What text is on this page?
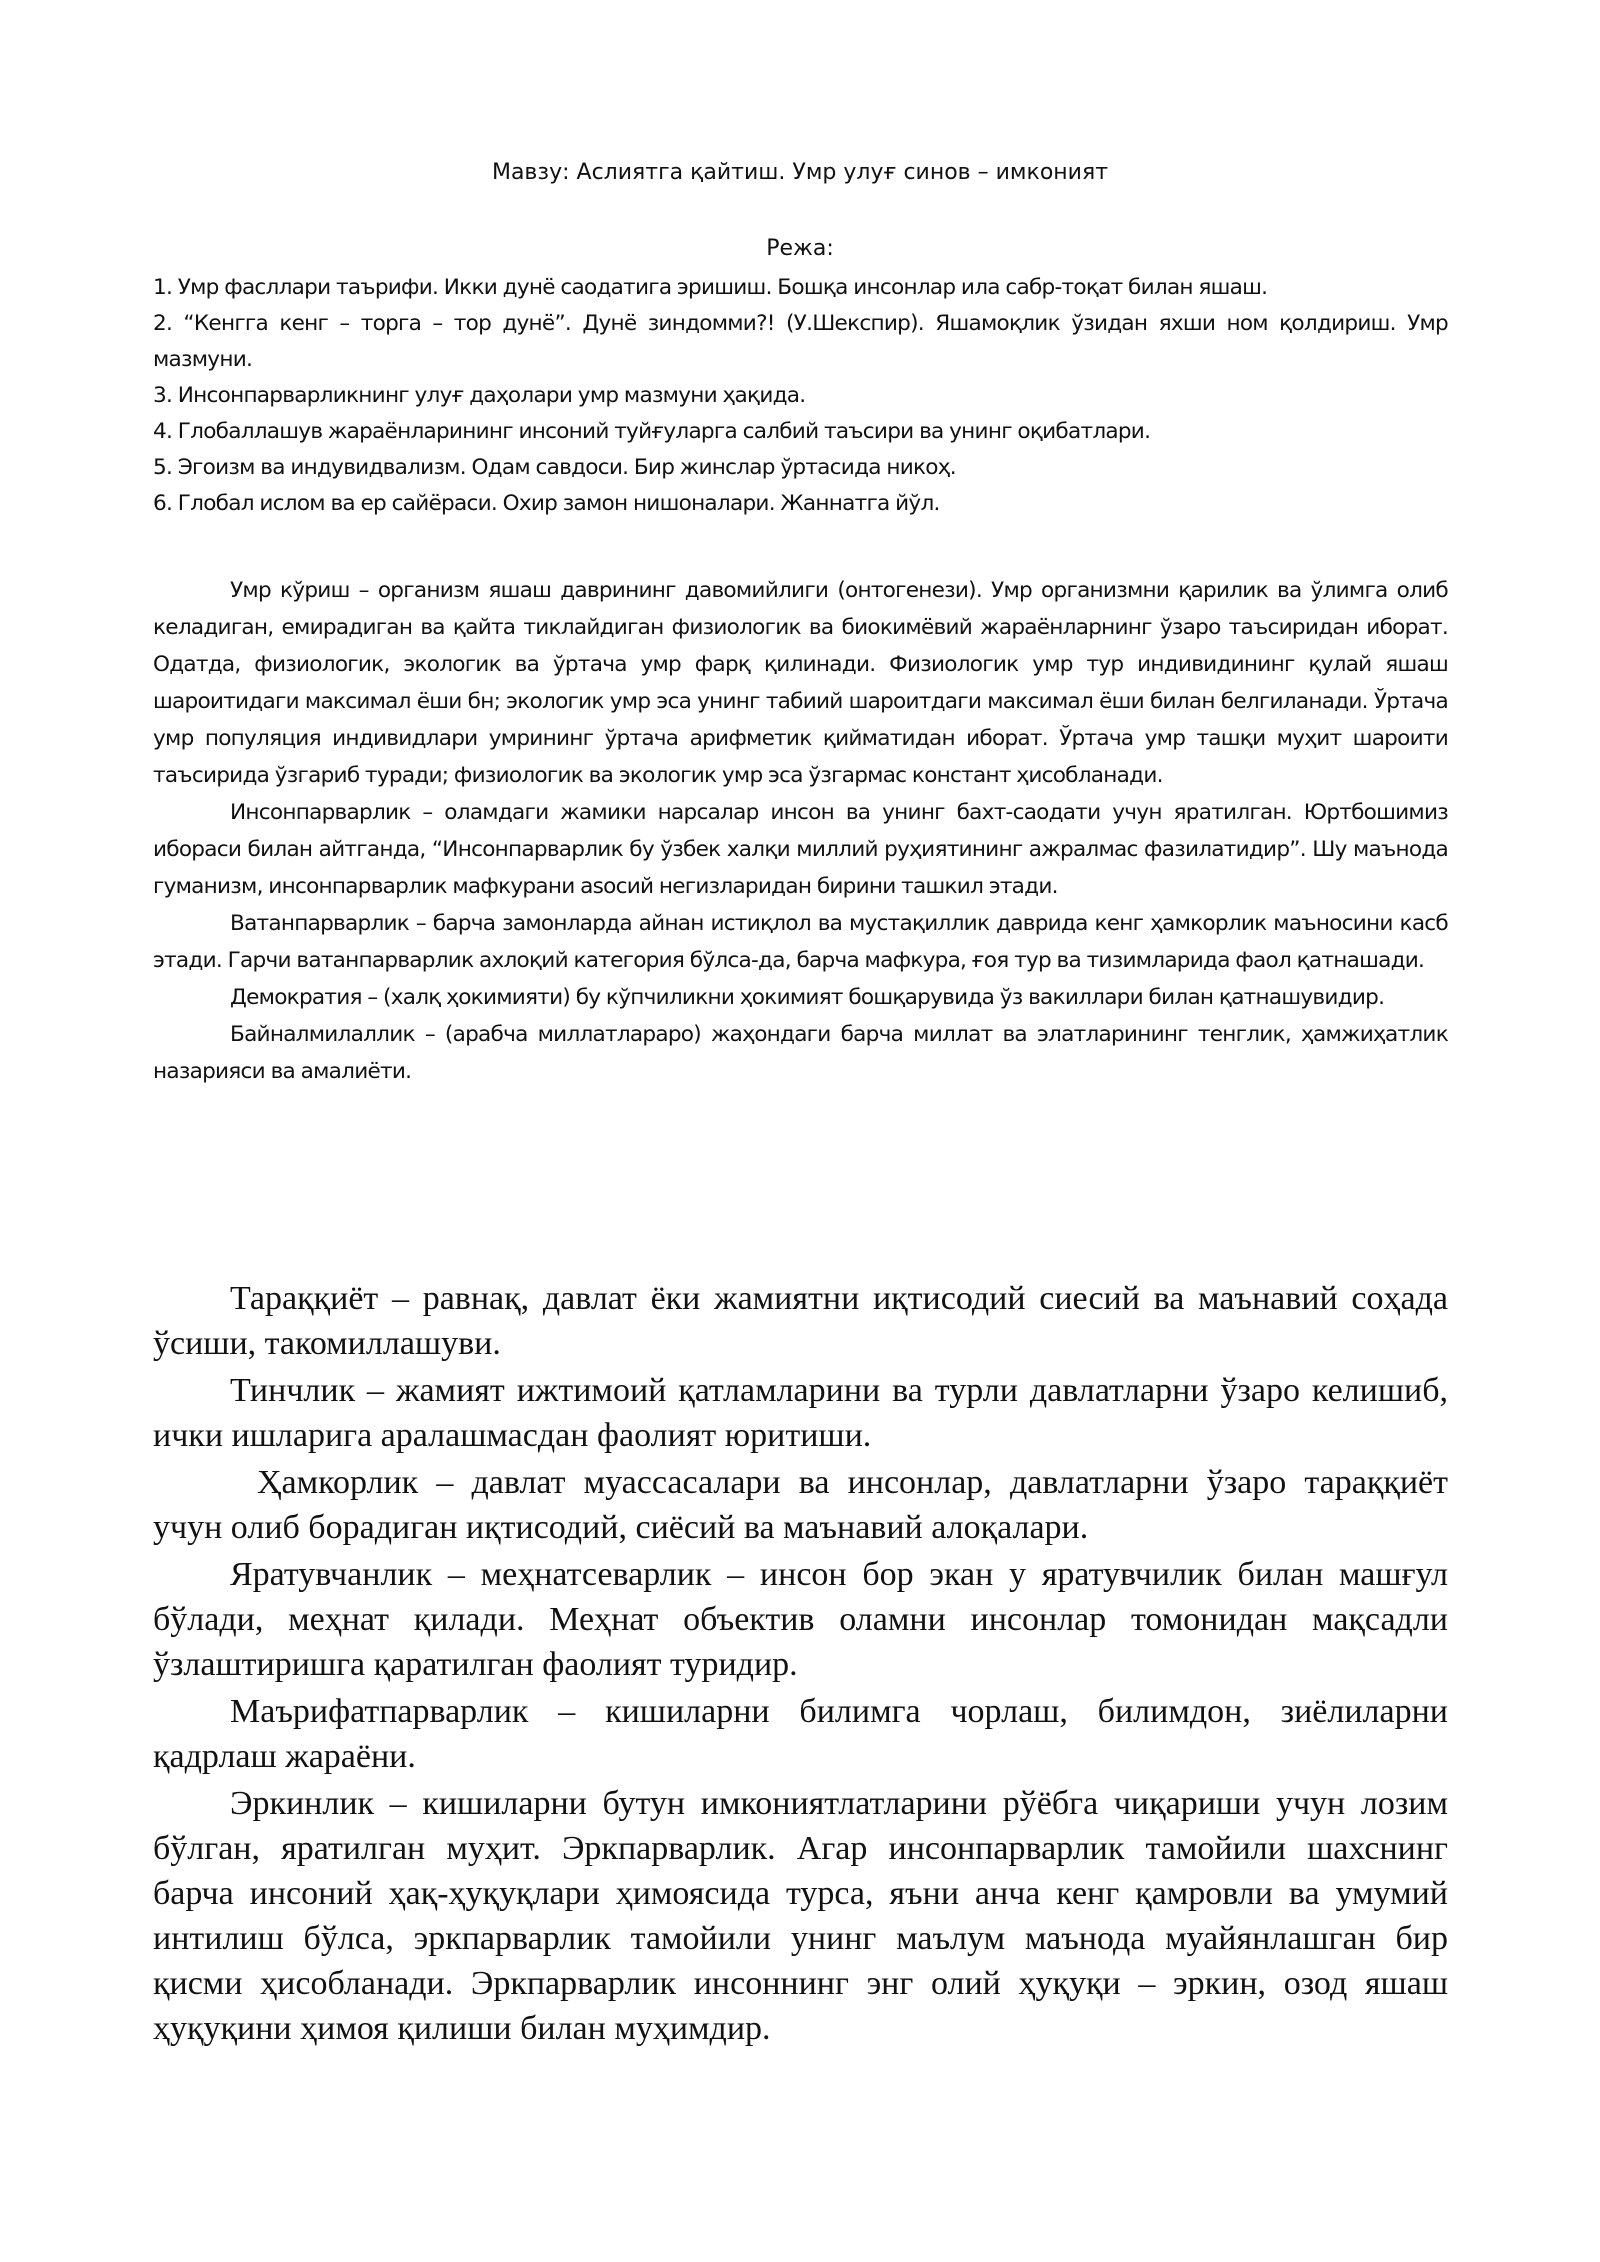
Мавзу: Аслиятга қайтиш. Умр улуғ синов – имконият
Режа:

1. Умр фасллари таърифи. Икки дунё саодатига эришиш. Бошқа инсонлар ила сабр-тоқат билан яшаш.

2. “Кенгга кенг – торга – тор дунё”. Дунё зиндомми?! (У.Шекспир). Яшамоқлик ўзидан яхши ном қолдириш. Умр мазмуни.

3. Инсонпарварликнинг улуғ даҳолари умр мазмуни ҳақида.

4. Глобаллашув жараёнларининг инсоний туйғуларга салбий таъсири ва унинг оқибатлари.

5. Эгоизм ва индувидвализм. Одам савдоси. Бир жинслар ўртасида никоҳ.

6. Глобал ислом ва ер сайёраси. Охир замон нишоналари. Жаннатга йўл.

Умр кўриш – организм яшаш даврининг давомийлиги (онтогенези). Умр организмни қарилик ва ўлимга олиб келадиган, емирадиган ва қайта тиклайдиган физиологик ва биокимёвий жараёнларнинг ўзаро таъсиридан иборат. Одатда, физиологик, экологик ва ўртача умр фарқ қилинади. Физиологик умр тур индивидининг қулай яшаш шароитидаги максимал ёши бн; экологик умр эса унинг табиий шароитдаги максимал ёши билан белгиланади. Ўртача умр популяция индивидлари умрининг ўртача арифметик қийматидан иборат. Ўртача умр ташқи муҳит шароити таъсирида ўзгариб туради; физиологик ва экологик умр эса ўзгармас констант ҳисобланади.

Инсонпарварлик – оламдаги жамики нарсалар инсон ва унинг бахт-саодати учун яратилган. Юртбошимиз ибораси билан айтганда, “Инсонпарварлик бу ўзбек халқи миллий руҳиятининг ажралмас фазилатидир”. Шу маънода гуманизм, инсонпарварлик мафкурани asосий негизларидан бирини ташкил этади.

Ватанпарварлик – барча замонларда айнан истиқлол ва мустақиллик даврида кенг ҳамкорлик маъносини касб этади. Гарчи ватанпарварлик ахлоқий категория бўлса-да, барча мафкура, ғоя тур ва тизимларида фаол қатнашади.

Демократия – (халқ ҳокимияти) бу кўпчиликни ҳокимият бошқарувида ўз вакиллари билан қатнашувидир.

Байналмилаллик – (арабча миллатлараро) жаҳондаги барча миллат ва элатларининг тенглик, ҳамжиҳатлик назарияси ва амалиёти.

Тараққиёт – равнақ, давлат ёки жамиятни иқтисодий сиесий ва маънавий соҳада ўсиши, такомиллашуви.

Тинчлик – жамият ижтимоий қатламларини ва турли давлатларни ўзаро келишиб, ички ишларига аралашмасдан фаолият юритиши.

Ҳамкорлик – давлат муассасалари ва инсонлар, давлатларни ўзаро тараққиёт учун олиб борадиган иқтисодий, сиёсий ва маънавий алоқалари.

Яратувчанлик – меҳнатсеварлик – инсон бор экан у яратувчилик билан машғул бўлади, меҳнат қилади. Меҳнат объектив оламни инсонлар томонидан мақсадли ўзлаштиришга қаратилган фаолият туридир.

Маърифатпарварлик – кишиларни билимга чорлаш, билимдон, зиёлиларни қадрлаш жараёни.

Эркинлик – кишиларни бутун имкониятлатларини рўёбга чиқариши учун лозим бўлган, яратилган муҳит. Эркпарварлик. Агар инсонпарварлик тамойили шахснинг барча инсоний ҳақ-ҳуқуқлари ҳимоясида турса, яъни анча кенг қамровли ва умумий интилиш бўлса, эркпарварлик тамойили унинг маълум маънода муайянлашган бир қисми ҳисобланади. Эркпарварлик инсоннинг энг олий ҳуқуқи – эркин, озод яшаш ҳуқуқини ҳимоя қилиши билан муҳимдир.
